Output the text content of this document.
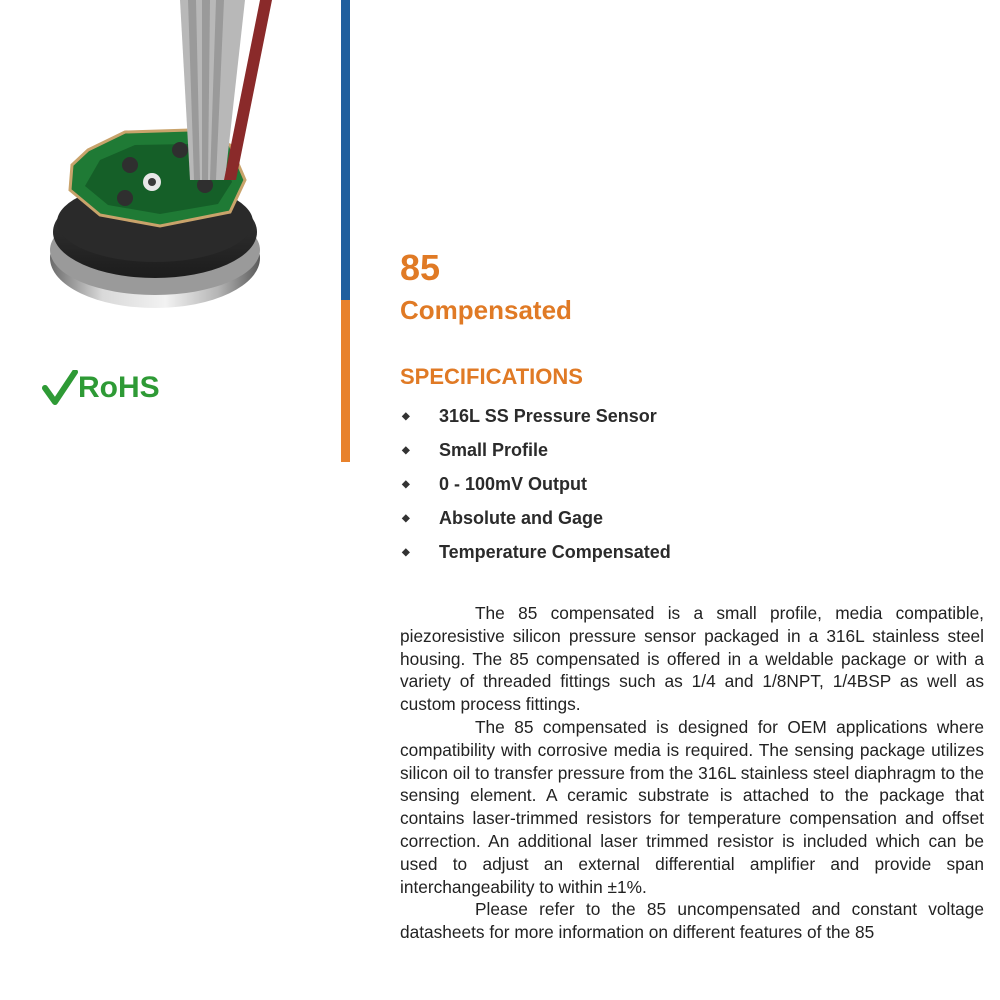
RoHS
85
Compensated
SPECIFICATIONS
◆	316L SS Pressure Sensor
◆	Small Profile
◆	0 - 100mV Output
◆	Absolute and Gage
◆	Temperature Compensated

The 85 compensated is a small profile, media compatible, piezoresistive silicon pressure sensor packaged in a 316L stainless steel housing. The 85 compensated is offered in a weldable package or with a variety of threaded fittings such as 1/4 and 1/8NPT, 1/4BSP as well as custom process fittings.

The 85 compensated is designed for OEM applications where compatibility with corrosive media is required. The sensing package utilizes silicon oil to transfer pressure from the 316L stainless steel diaphragm to the sensing element. A ceramic substrate is attached to the package that contains laser-trimmed resistors for temperature compensation and offset correction. An additional laser trimmed resistor is included which can be used to adjust an external differential amplifier and provide span interchangeability to within ±1%.

Please refer to the 85 uncompensated and constant voltage datasheets for more information on different features of the 85
